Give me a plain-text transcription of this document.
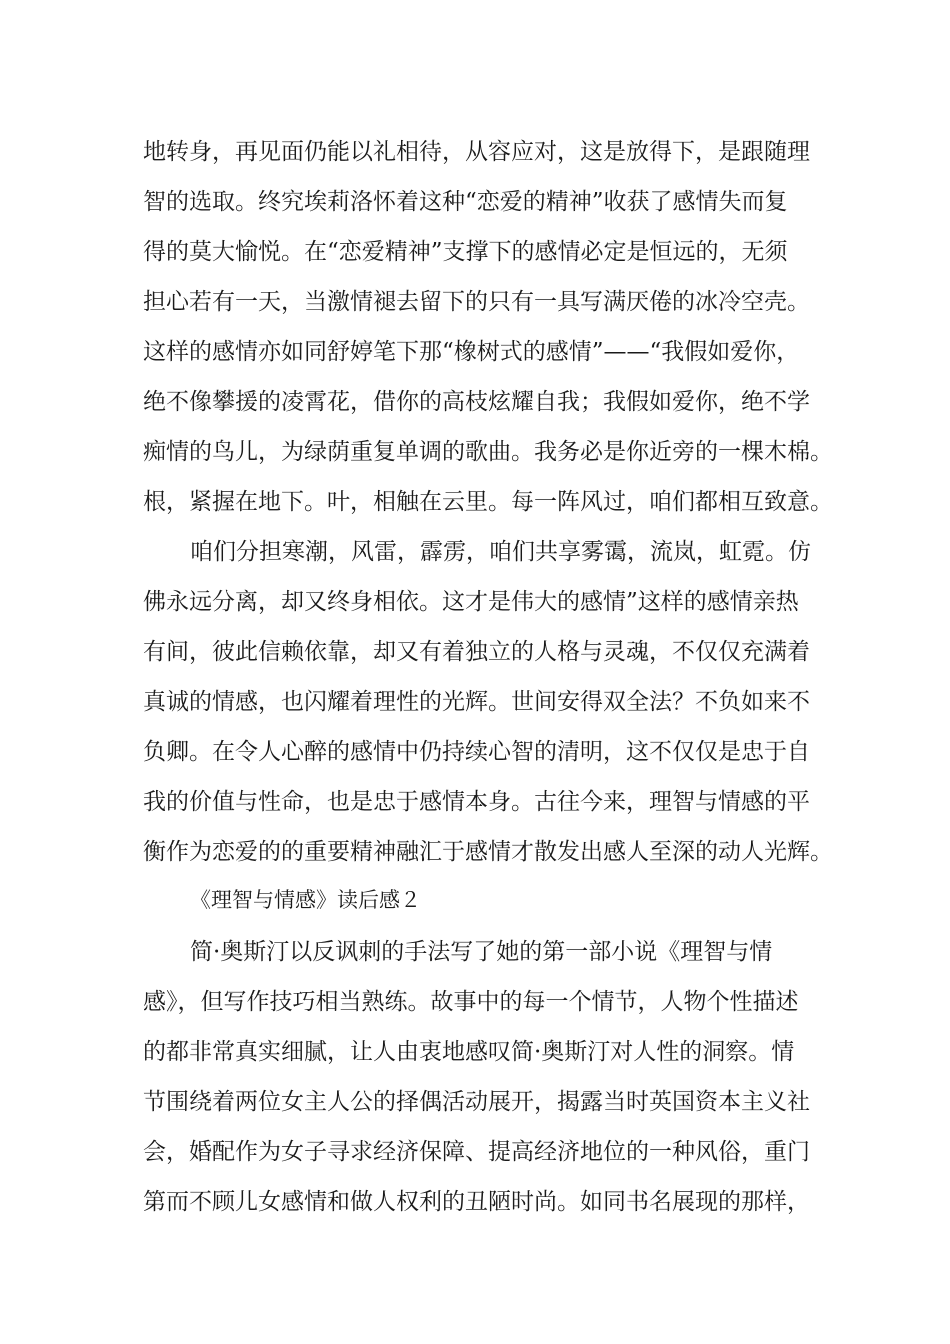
地转身，再见面仍能以礼相待，从容应对，这是放得下，是跟随理
智的选取。终究埃莉洛怀着这种“恋爱的精神”收获了感情失而复
得的莫大愉悦。在“恋爱精神”支撑下的感情必定是恒远的，无须
担心若有一天，当激情褪去留下的只有一具写满厌倦的冰冷空壳。
这样的感情亦如同舒婷笔下那“橡树式的感情”——“我假如爱你，
绝不像攀援的凌霄花，借你的高枝炫耀自我；我假如爱你，绝不学
痴情的鸟儿，为绿荫重复单调的歌曲。我务必是你近旁的一棵木棉。
根，紧握在地下。叶，相触在云里。每一阵风过，咱们都相互致意。
咱们分担寒潮，风雷，霹雳，咱们共享雾霭，流岚，虹霓。仿
佛永远分离，却又终身相依。这才是伟大的感情”这样的感情亲热
有间，彼此信赖依靠，却又有着独立的人格与灵魂，不仅仅充满着
真诚的情感，也闪耀着理性的光辉。世间安得双全法？不负如来不
负卿。在令人心醉的感情中仍持续心智的清明，这不仅仅是忠于自
我的价值与性命，也是忠于感情本身。古往今来，理智与情感的平
衡作为恋爱的的重要精神融汇于感情才散发出感人至深的动人光辉。
《理智与情感》读后感２
简·奥斯汀以反讽刺的手法写了她的第一部小说《理智与情
感》，但写作技巧相当熟练。故事中的每一个情节，人物个性描述
的都非常真实细腻，让人由衷地感叹简·奥斯汀对人性的洞察。情
节围绕着两位女主人公的择偶活动展开，揭露当时英国资本主义社
会，婚配作为女子寻求经济保障、提高经济地位的一种风俗，重门
第而不顾儿女感情和做人权利的丑陋时尚。如同书名展现的那样，
